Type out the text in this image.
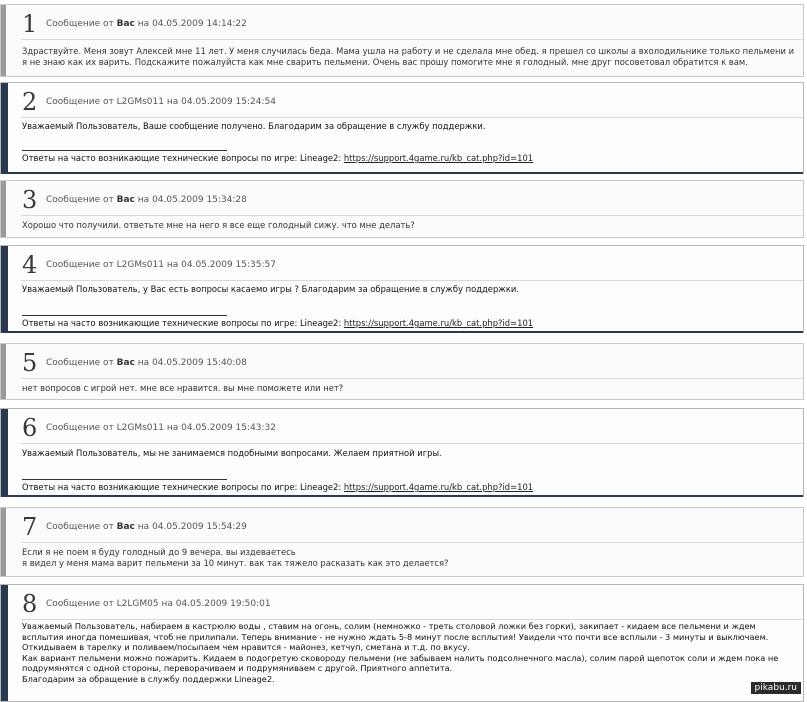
1 Сообщение от Вас на 04.05.2009 14:14:22
Здраствуйте. Меня зовут Алексей мне 11 лет. У меня случилась беда. Мама ушла на работу и не сделала мне обед. я прешел со школы а вхолодильнике только пельмени и я не знаю как их варить. Подскажите пожалуйста как мне сварить пельмени. Очень вас прошу помогите мне я голодный. мне друг посоветовал обратится к вам.
2 Сообщение от L2GMs011 на 04.05.2009 15:24:54
Уважаемый Пользователь, Ваше сообщение получено. Благодарим за обращение в службу поддержки.
Ответы на часто возникающие технические вопросы по игре: Lineage2: https://support.4game.ru/kb_cat.php?id=101
3 Сообщение от Вас на 04.05.2009 15:34:28
Хорошо что получили. ответьте мне на него я все еще голодный сижу. что мне делать?
4 Сообщение от L2GMs011 на 04.05.2009 15:35:57
Уважаемый Пользователь, у Вас есть вопросы касаемо игры ? Благодарим за обращение в службу поддержки.
Ответы на часто возникающие технические вопросы по игре: Lineage2: https://support.4game.ru/kb_cat.php?id=101
5 Сообщение от Вас на 04.05.2009 15:40:08
нет вопросов с игрой нет. мне все нравится. вы мне поможете или нет?
6 Сообщение от L2GMs011 на 04.05.2009 15:43:32
Уважаемый Пользователь, мы не занимаемся подобными вопросами. Желаем приятной игры.
Ответы на часто возникающие технические вопросы по игре: Lineage2: https://support.4game.ru/kb_cat.php?id=101
7 Сообщение от Вас на 04.05.2009 15:54:29
Если я не поем я буду голодный до 9 вечера. вы издеваетесь
я видел у меня мама варит пельмени за 10 минут. вак так тяжело расказать как это делается?
8 Сообщение от L2LGM05 на 04.05.2009 19:50:01
Уважаемый Пользователь, набираем в кастрюлю воды , ставим на огонь, солим (немножко - треть столовой ложки без горки), закипает - кидаем все пельмени и ждем всплытия иногда помешивая, чтоб не прилипали. Теперь внимание - не нужно ждать 5-8 минут после всплытия! Увидели что почти все всплыли - 3 минуты и выключаем. Откидываем в тарелку и поливаем/посыпаем чем нравится - майонез, кетчуп, сметана и т.д. по вкусу.
Как вариант пельмени можно пожарить. Кидаем в подогретую сковороду пельмени (не забываем налить подсолнечного масла), солим парой щепоток соли и ждем пока не подрумянятся с одной стороны, переворачиваем и подрумяниваем с другой. Приятного аппетита.
Благодарим за обращение в службу поддержки Lineage2.
pikabu.ru
